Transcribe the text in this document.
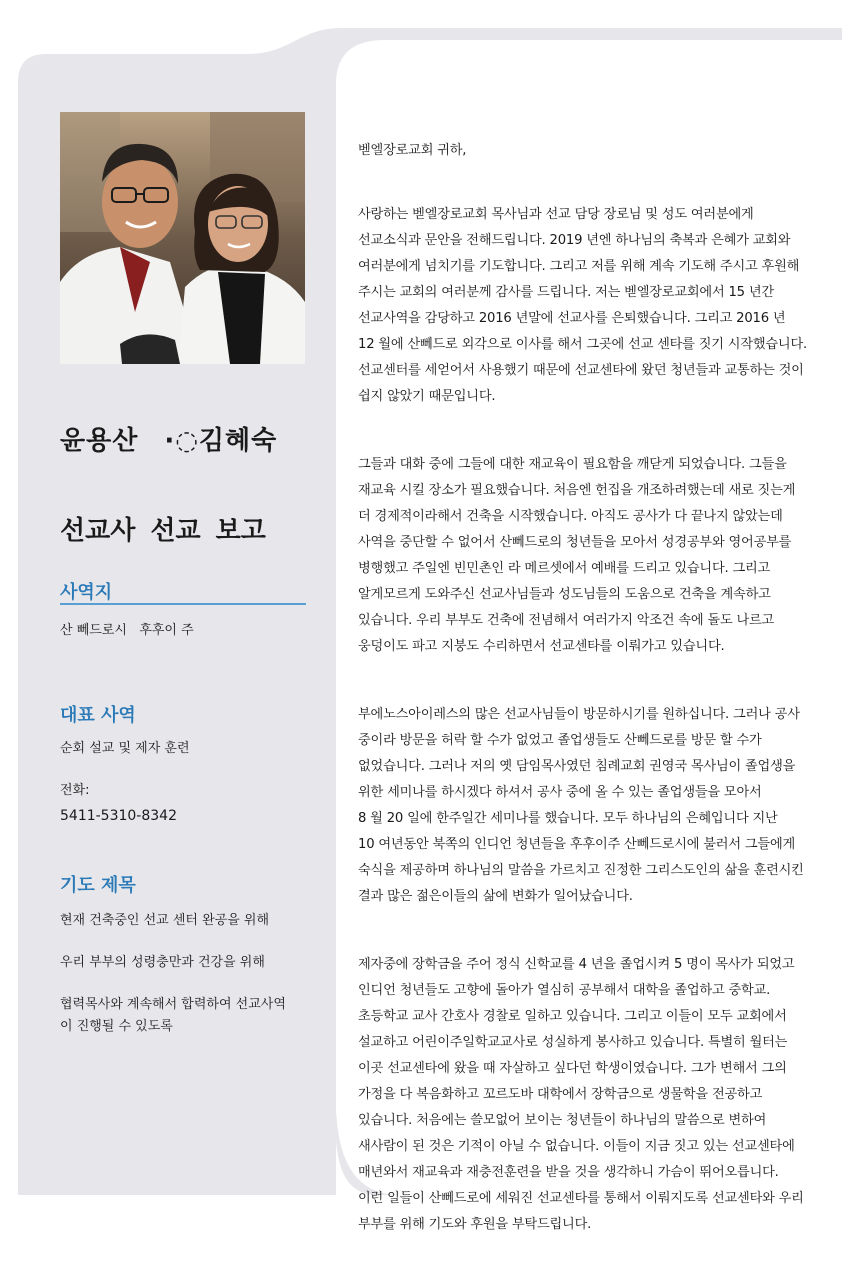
윤용산 ·◌김혜숙
선교사 선교 보고
사역지
산 뻬드로시   후후이 주
대표 사역
순회 설교 및 제자 훈련
전화:
5411-5310-8342
기도 제목
현재 건축중인 선교 센터 완공을 위해
우리 부부의 성령충만과 건강을 위해
협력목사와 계속해서 합력하여 선교사역
이 진행될 수 있도록

벧엘장로교회 귀하,

사랑하는 벧엘장로교회 목사님과 선교 담당 장로님 및 성도 여러분에게
선교소식과 문안을 전해드립니다. 2019 년엔 하나님의 축복과 은혜가 교회와
여러분에게 넘치기를 기도합니다. 그리고 저를 위해 계속 기도해 주시고 후원해
주시는 교회의 여러분께 감사를 드립니다. 저는 벧엘장로교회에서 15 년간
선교사역을 감당하고 2016 년말에 선교사를 은퇴했습니다. 그리고 2016 년
12 월에 산뻬드로 외각으로 이사를 해서 그곳에 선교 센타를 짓기 시작했습니다.
선교센터를 세얻어서 사용했기 때문에 선교센타에 왔던 청년들과 교통하는 것이
쉽지 않았기 때문입니다.

그들과 대화 중에 그들에 대한 재교육이 필요함을 깨닫게 되었습니다. 그들을
재교육 시킬 장소가 필요했습니다. 처음엔 헌집을 개조하려했는데 새로 짓는게
더 경제적이라해서 건축을 시작했습니다. 아직도 공사가 다 끝나지 않았는데
사역을 중단할 수 없어서 산뻬드로의 청년들을 모아서 성경공부와 영어공부를
병행했고 주일엔 빈민촌인 라 메르셋에서 예배를 드리고 있습니다. 그리고
알게모르게 도와주신 선교사님들과 성도님들의 도움으로 건축을 계속하고
있습니다. 우리 부부도 건축에 전념해서 여러가지 악조건 속에 돌도 나르고
웅덩이도 파고 지붕도 수리하면서 선교센타를 이뤄가고 있습니다.

부에노스아이레스의 많은 선교사님들이 방문하시기를 원하십니다. 그러나 공사
중이라 방문을 허락 할 수가 없었고 졸업생들도 산뻬드로를 방문 할 수가
없었습니다. 그러나 저의 옛 담임목사였던 침례교회 권영국 목사님이 졸업생을
위한 세미나를 하시겠다 하셔서 공사 중에 올 수 있는 졸업생들을 모아서
8 월 20 일에 한주일간 세미나를 했습니다. 모두 하나님의 은혜입니다 지난
10 여년동안 북쪽의 인디언 청년들을 후후이주 산뻬드로시에 불러서 그들에게
숙식을 제공하며 하나님의 말씀을 가르치고 진정한 그리스도인의 삶을 훈련시킨
결과 많은 젊은이들의 삶에 변화가 일어났습니다.

제자중에 장학금을 주어 정식 신학교를 4 년을 졸업시켜 5 명이 목사가 되었고
인디언 청년들도 고향에 돌아가 열심히 공부해서 대학을 졸업하고 중학교.
초등학교 교사 간호사 경찰로 일하고 있습니다. 그리고 이들이 모두 교회에서
설교하고 어린이주일학교교사로 성실하게 봉사하고 있습니다. 특별히 월터는
이곳 선교센타에 왔을 때 자살하고 싶다던 학생이였습니다. 그가 변해서 그의
가정을 다 복음화하고 꼬르도바 대학에서 장학금으로 생물학을 전공하고
있습니다. 처음에는 쓸모없어 보이는 청년들이 하나님의 말씀으로 변하여
새사람이 된 것은 기적이 아닐 수 없습니다. 이들이 지금 짓고 있는 선교센타에
매년와서 재교육과 재충전훈련을 받을 것을 생각하니 가슴이 뛰어오릅니다.
이런 일들이 산뻬드로에 세워진 선교센타를 통해서 이뤄지도록 선교센타와 우리
부부를 위해 기도와 후원을 부탁드립니다.
